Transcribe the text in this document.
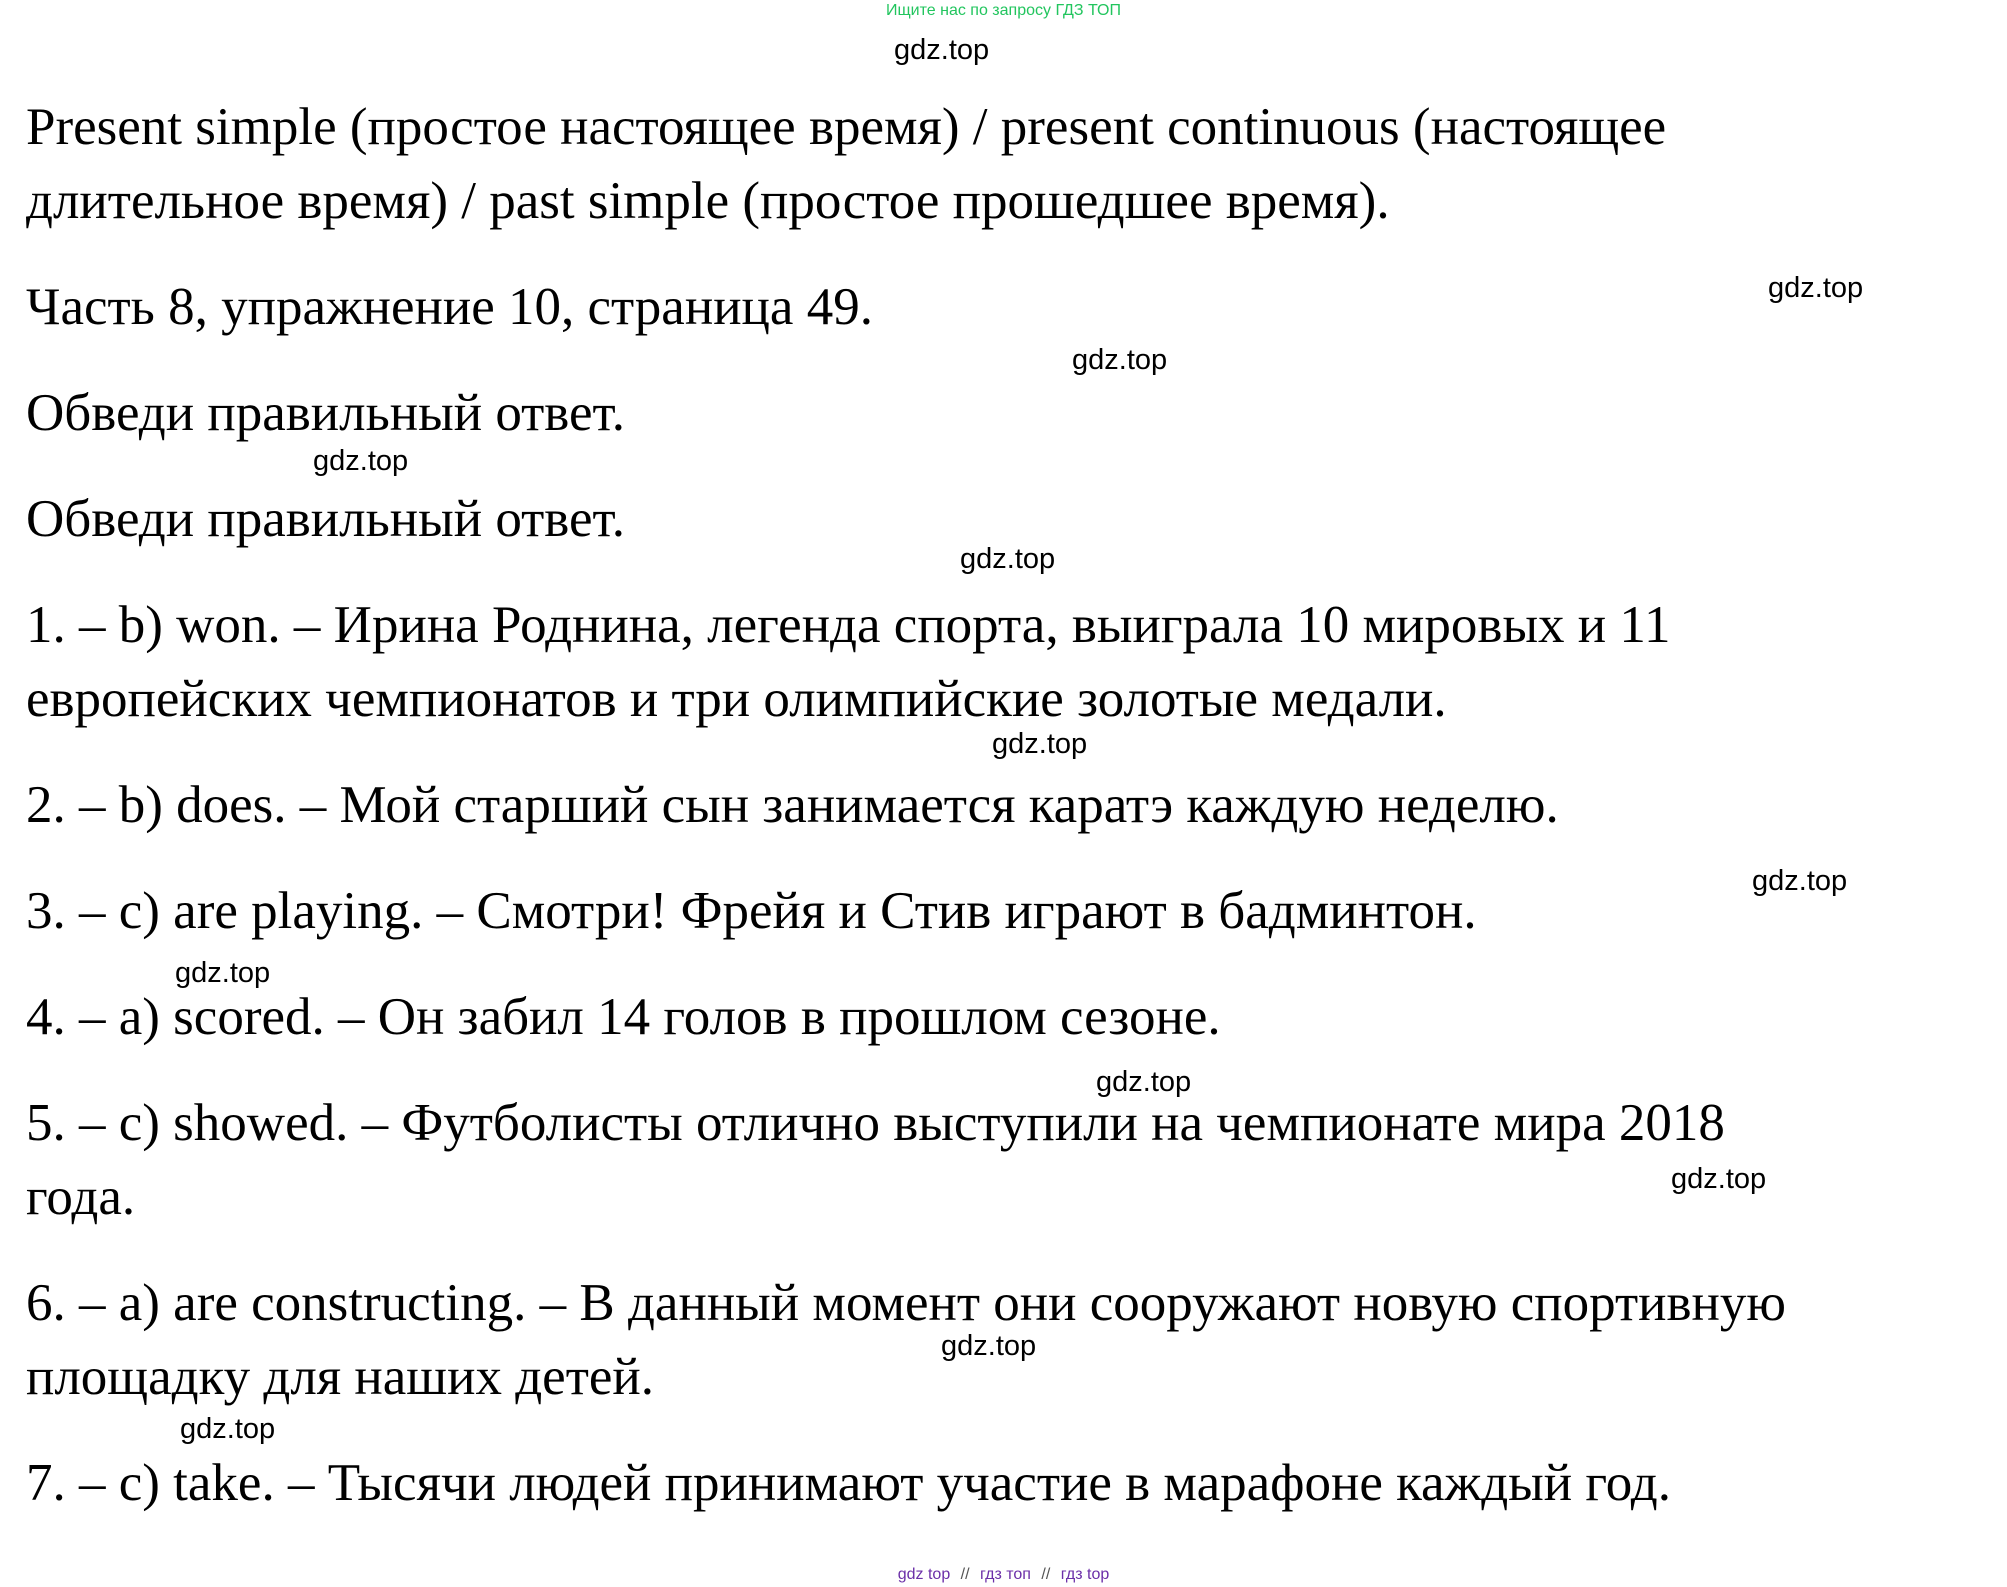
Ищите нас по запросу ГДЗ ТОП
gdz.top
gdz.top
gdz.top
gdz.top
gdz.top
gdz.top
gdz.top
gdz.top
gdz.top
gdz.top
gdz.top
gdz.top
Present simple (простое настоящее время) / present continuous (настоящее
длительное время) / past simple (простое прошедшее время).
Часть 8, упражнение 10, страница 49.
Обведи правильный ответ.
Обведи правильный ответ.
1. – b) won. – Ирина Роднина, легенда спорта, выиграла 10 мировых и 11
европейских чемпионатов и три олимпийские золотые медали.
2. – b) does. – Мой старший сын занимается каратэ каждую неделю.
3. – c) are playing. – Смотри! Фрейя и Стив играют в бадминтон.
4. – a) scored. – Он забил 14 голов в прошлом сезоне.
5. – c) showed. – Футболисты отлично выступили на чемпионате мира 2018
года.
6. – a) are constructing. – В данный момент они сооружают новую спортивную
площадку для наших детей.
7. – c) take. – Тысячи людей принимают участие в марафоне каждый год.
gdz top // гдз топ // гдз top
